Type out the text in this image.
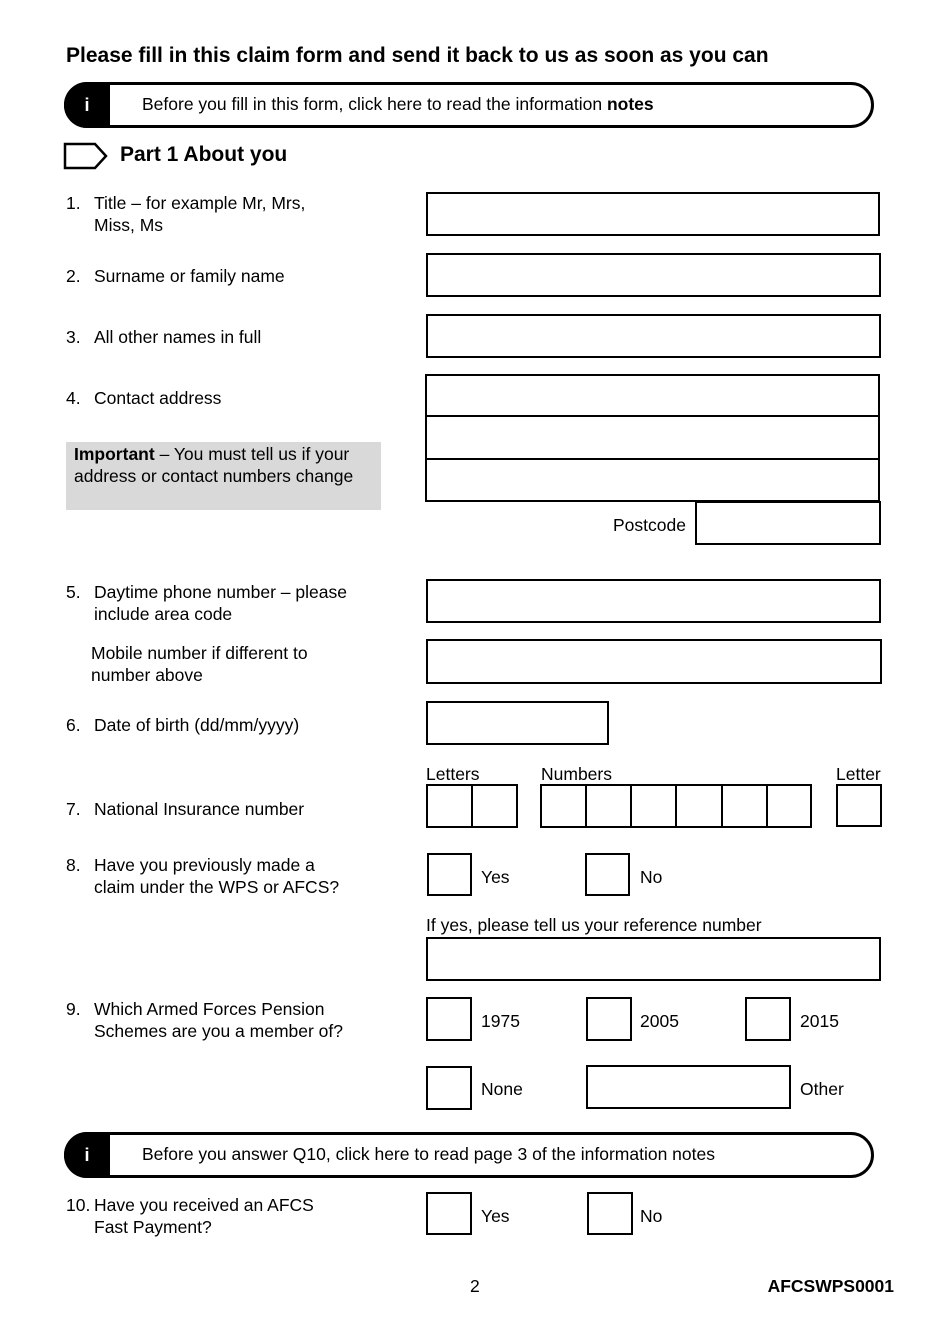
Please fill in this claim form and send it back to us as soon as you can
i	Before you fill in this form, click here to read the information notes
Part 1 About you
1. Title – for example Mr, Mrs,
Miss, Ms
2. Surname or family name
3. All other names in full
4. Contact address
Postcode
Important – You must tell us if your address or contact numbers change
5. Daytime phone number – please
include area code
Mobile number if different to
number above
6. Date of birth (dd/mm/yyyy)
Letters	Numbers	Letter
7. National Insurance number
8. Have you previously made a
claim under the WPS or AFCS?	Yes	No
If yes, please tell us your reference number
9. Which Armed Forces Pension
Schemes are you a member of?	1975	2005	2015
None	Other
i	Before you answer Q10, click here to read page 3 of the information notes
10. Have you received an AFCS
Fast Payment?
Yes	No
2	AFCSWPS0001
